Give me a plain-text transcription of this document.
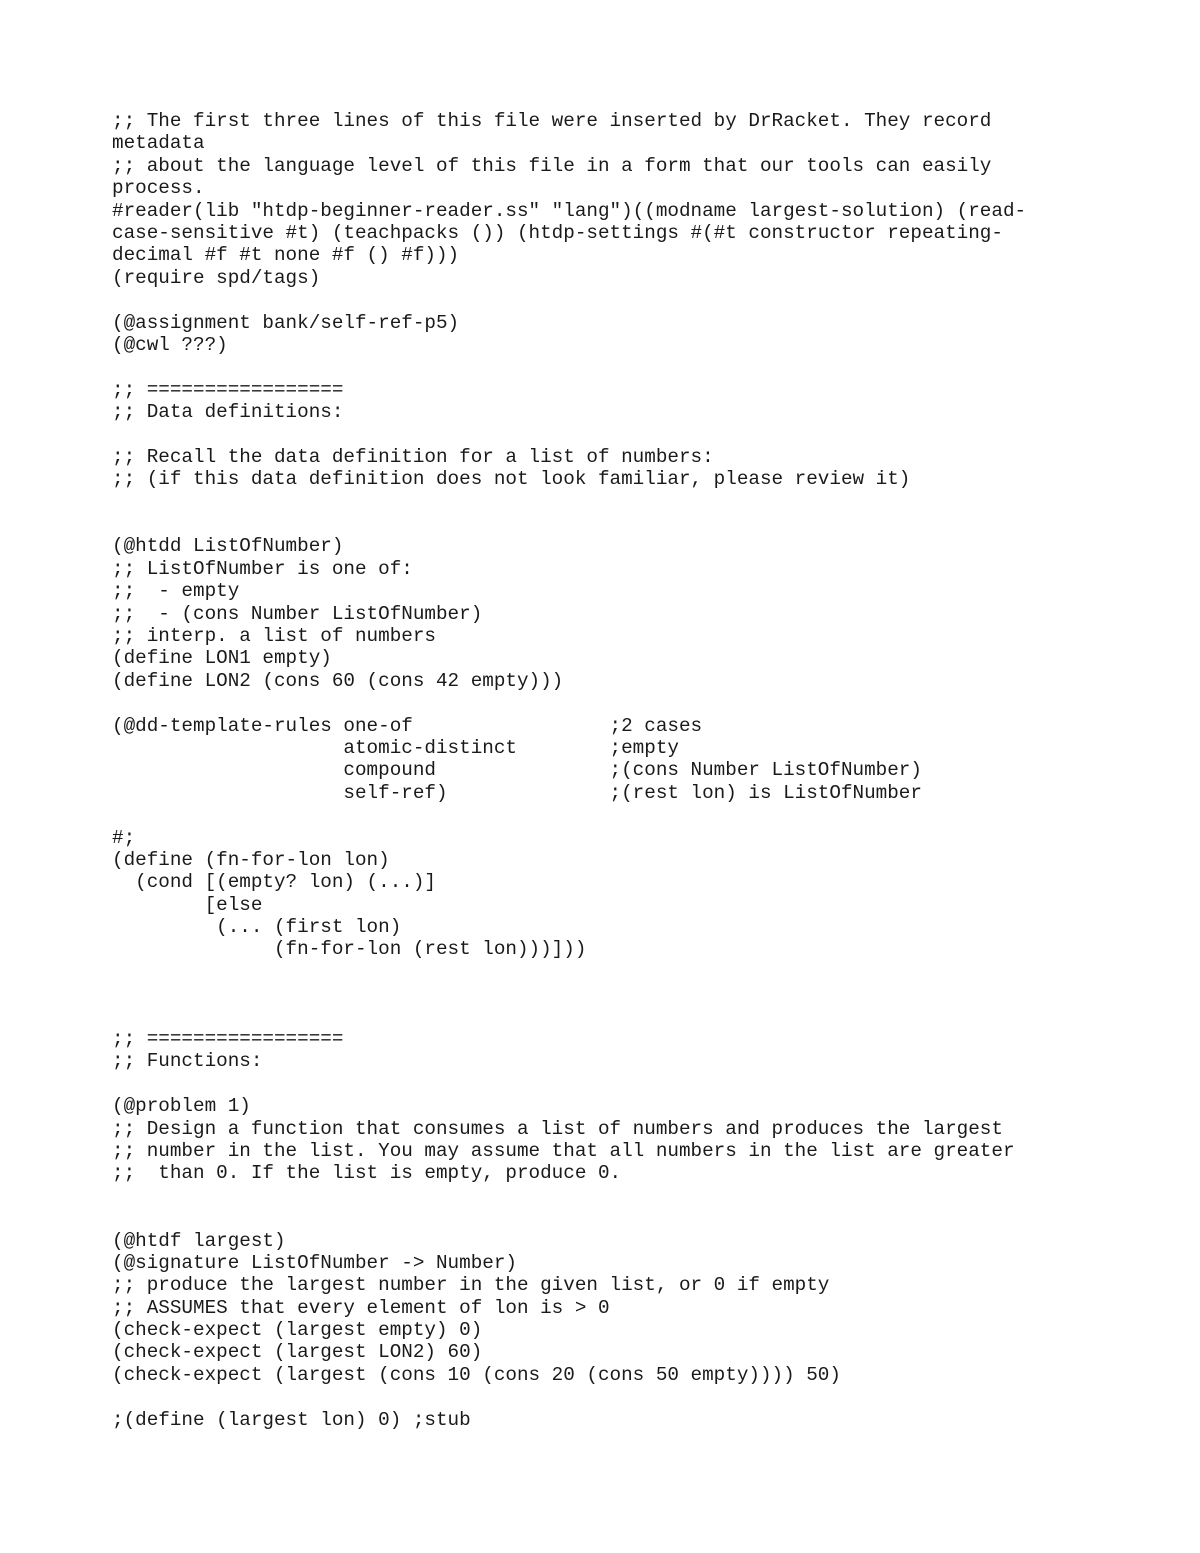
;; The first three lines of this file were inserted by DrRacket. They record
metadata
;; about the language level of this file in a form that our tools can easily
process.
#reader(lib "htdp-beginner-reader.ss" "lang")((modname largest-solution) (read-
case-sensitive #t) (teachpacks ()) (htdp-settings #(#t constructor repeating-
decimal #f #t none #f () #f)))
(require spd/tags)
(@assignment bank/self-ref-p5)
(@cwl ???)
;; =================
;; Data definitions:
;; Recall the data definition for a list of numbers:
;; (if this data definition does not look familiar, please review it)
(@htdd ListOfNumber)
;; ListOfNumber is one of:
;;  - empty
;;  - (cons Number ListOfNumber)
;; interp. a list of numbers
(define LON1 empty)
(define LON2 (cons 60 (cons 42 empty)))
(@dd-template-rules one-of                 ;2 cases
atomic-distinct        ;empty
compound               ;(cons Number ListOfNumber)
self-ref)              ;(rest lon) is ListOfNumber
#;
(define (fn-for-lon lon)
(cond [(empty? lon) (...)]
[else
(... (first lon)
(fn-for-lon (rest lon)))]))
;; =================
;; Functions:
(@problem 1)
;; Design a function that consumes a list of numbers and produces the largest
;; number in the list. You may assume that all numbers in the list are greater
;;  than 0. If the list is empty, produce 0.
(@htdf largest)
(@signature ListOfNumber -> Number)
;; produce the largest number in the given list, or 0 if empty
;; ASSUMES that every element of lon is > 0
(check-expect (largest empty) 0)
(check-expect (largest LON2) 60)
(check-expect (largest (cons 10 (cons 20 (cons 50 empty)))) 50)
;(define (largest lon) 0) ;stub
